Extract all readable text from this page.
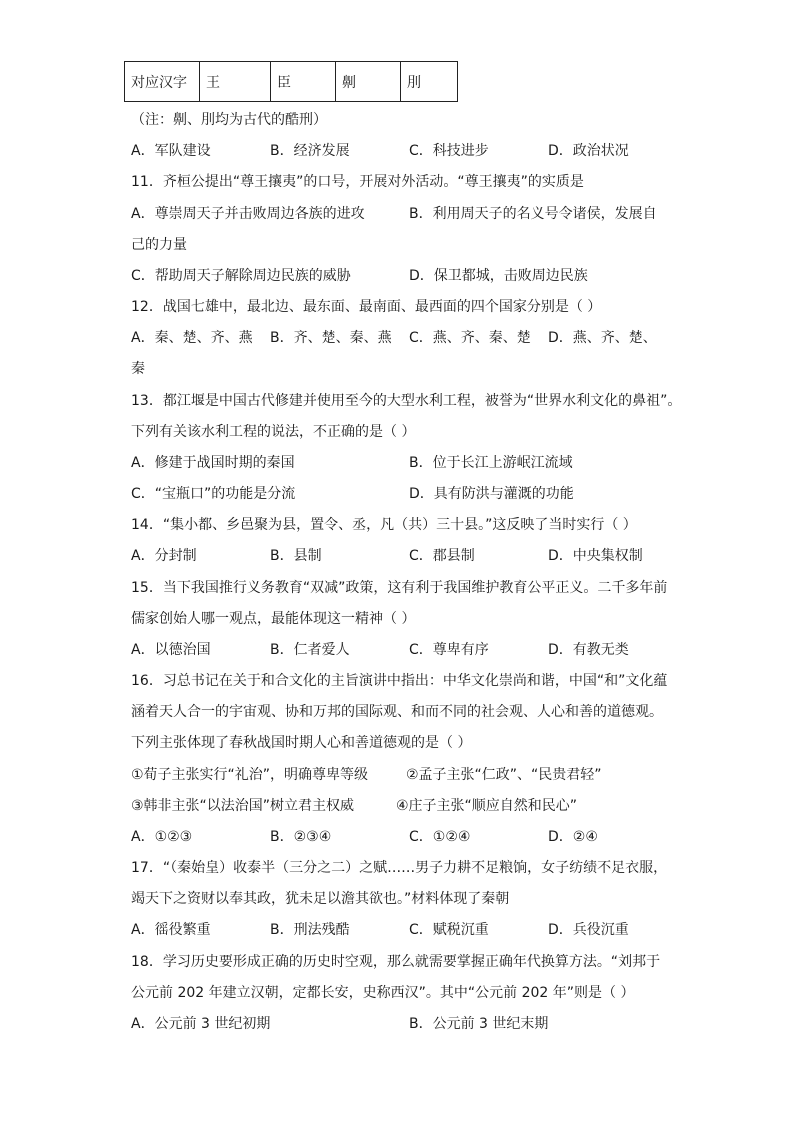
对应汉字	王	臣	劓	刖
（注：劓、刖均为古代的酷刑）
A．军队建设	B．经济发展	C．科技进步	D．政治状况
11．齐桓公提出“尊王攘夷”的口号，开展对外活动。“尊王攘夷”的实质是
A．尊崇周天子并击败周边各族的进攻	B．利用周天子的名义号令诸侯，发展自
己的力量
C．帮助周天子解除周边民族的威胁	D．保卫都城，击败周边民族
12．战国七雄中，最北边、最东面、最南面、最西面的四个国家分别是（ ）
A．秦、楚、齐、燕 B．齐、楚、秦、燕 C．燕、齐、秦、楚 D．燕、齐、楚、
秦
13．都江堰是中国古代修建并使用至今的大型水利工程，被誉为“世界水利文化的鼻祖”。
下列有关该水利工程的说法，不正确的是（ ）
A．修建于战国时期的秦国	B．位于长江上游岷江流域
C．“宝瓶口”的功能是分流	D．具有防洪与灌溉的功能
14．“集小都、乡邑聚为县，置令、丞，凡（共）三十县。”这反映了当时实行（ ）
A．分封制	B．县制	C．郡县制	D．中央集权制
15．当下我国推行义务教育“双减”政策，这有利于我国维护教育公平正义。二千多年前
儒家创始人哪一观点，最能体现这一精神（ ）
A．以德治国	B．仁者爱人	C．尊卑有序	D．有教无类
16．习总书记在关于和合文化的主旨演讲中指出：中华文化崇尚和谐，中国“和”文化蕴
涵着天人合一的宇宙观、协和万邦的国际观、和而不同的社会观、人心和善的道德观。
下列主张体现了春秋战国时期人心和善道德观的是（ ）
①荀子主张实行“礼治”，明确尊卑等级	②孟子主张“仁政”、“民贵君轻”
③韩非主张“以法治国”树立君主权威	④庄子主张“顺应自然和民心”
A．①②③	B．②③④	C．①②④	D．②④
17．“（秦始皇）收泰半（三分之二）之赋……男子力耕不足粮饷，女子纺绩不足衣服，
竭天下之资财以奉其政，犹未足以澹其欲也。”材料体现了秦朝
A．徭役繁重	B．刑法残酷	C．赋税沉重	D．兵役沉重
18．学习历史要形成正确的历史时空观，那么就需要掌握正确年代换算方法。“刘邦于
公元前 202 年建立汉朝，定都长安，史称西汉”。其中“公元前 202 年”则是（ ）
A．公元前 3 世纪初期	B．公元前 3 世纪末期
